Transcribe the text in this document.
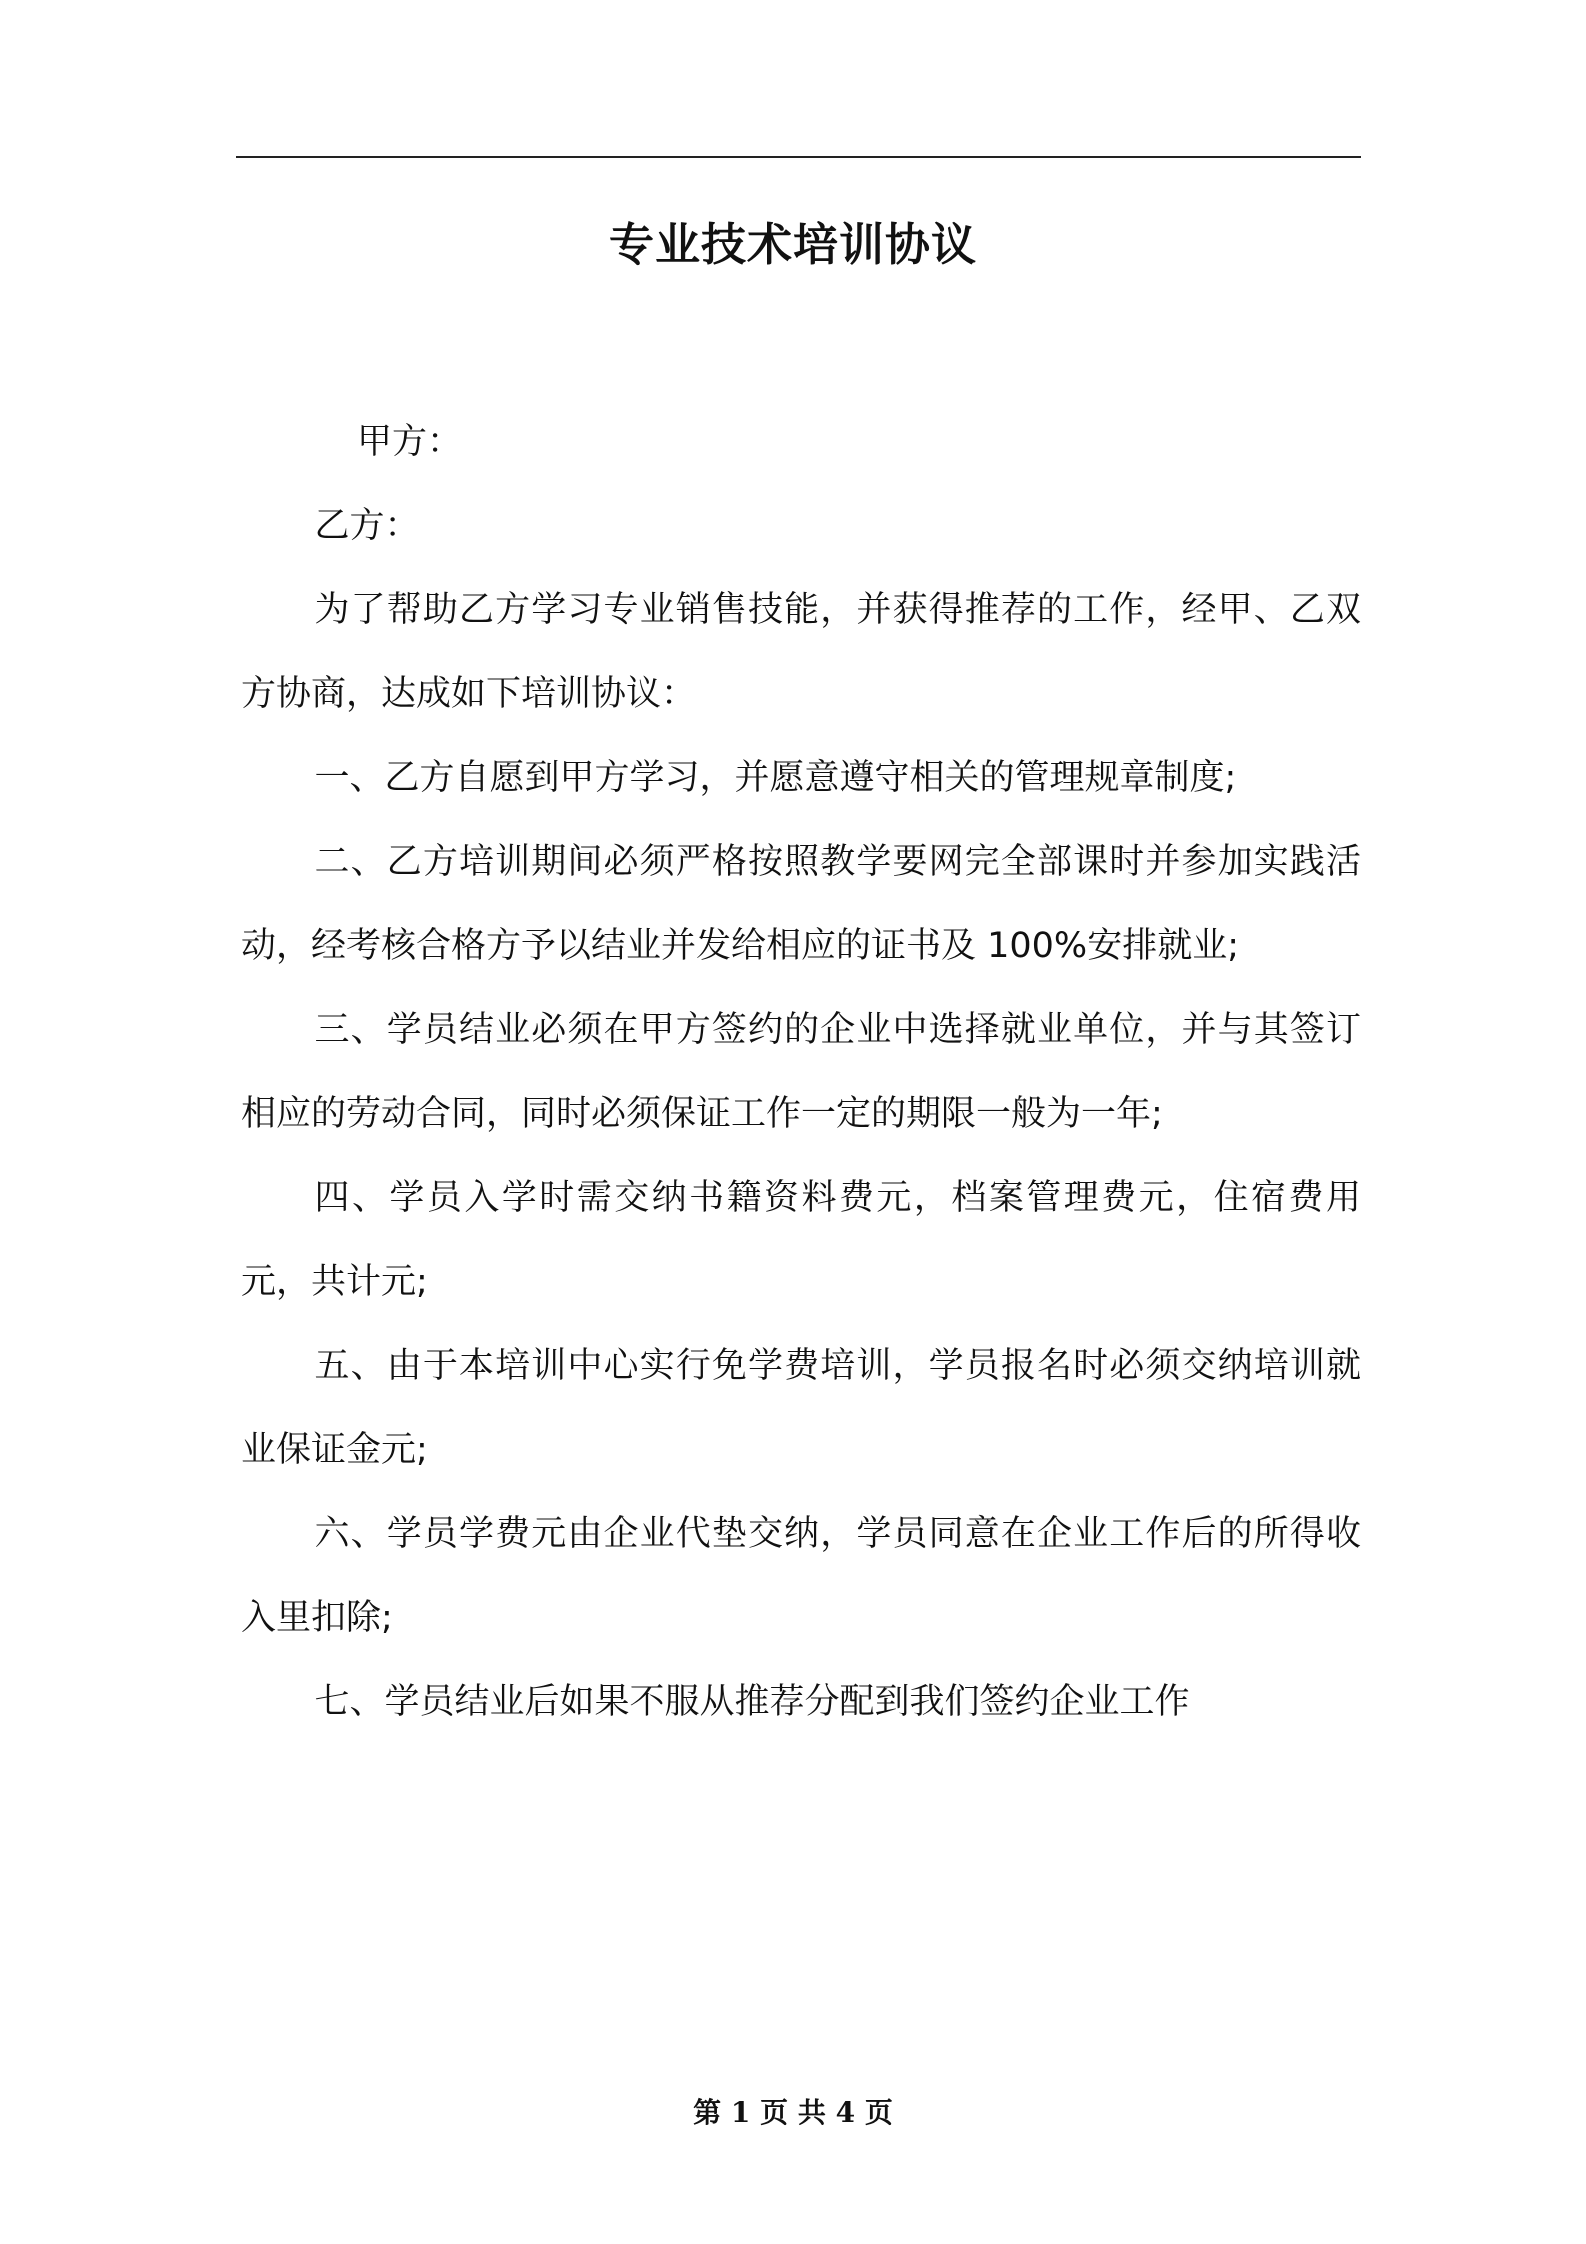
专业技术培训协议

甲方：

乙方：

为了帮助乙方学习专业销售技能，并获得推荐的工作，经甲、乙双方协商，达成如下培训协议：

一、乙方自愿到甲方学习，并愿意遵守相关的管理规章制度;

二、乙方培训期间必须严格按照教学要网完全部课时并参加实践活动，经考核合格方予以结业并发给相应的证书及 100%安排就业;

三、学员结业必须在甲方签约的企业中选择就业单位，并与其签订相应的劳动合同，同时必须保证工作一定的期限一般为一年;

四、学员入学时需交纳书籍资料费元，档案管理费元，住宿费用元，共计元;

五、由于本培训中心实行免学费培训，学员报名时必须交纳培训就业保证金元;

六、学员学费元由企业代垫交纳，学员同意在企业工作后的所得收入里扣除;

七、学员结业后如果不服从推荐分配到我们签约企业工作

第 1 页 共 4 页
